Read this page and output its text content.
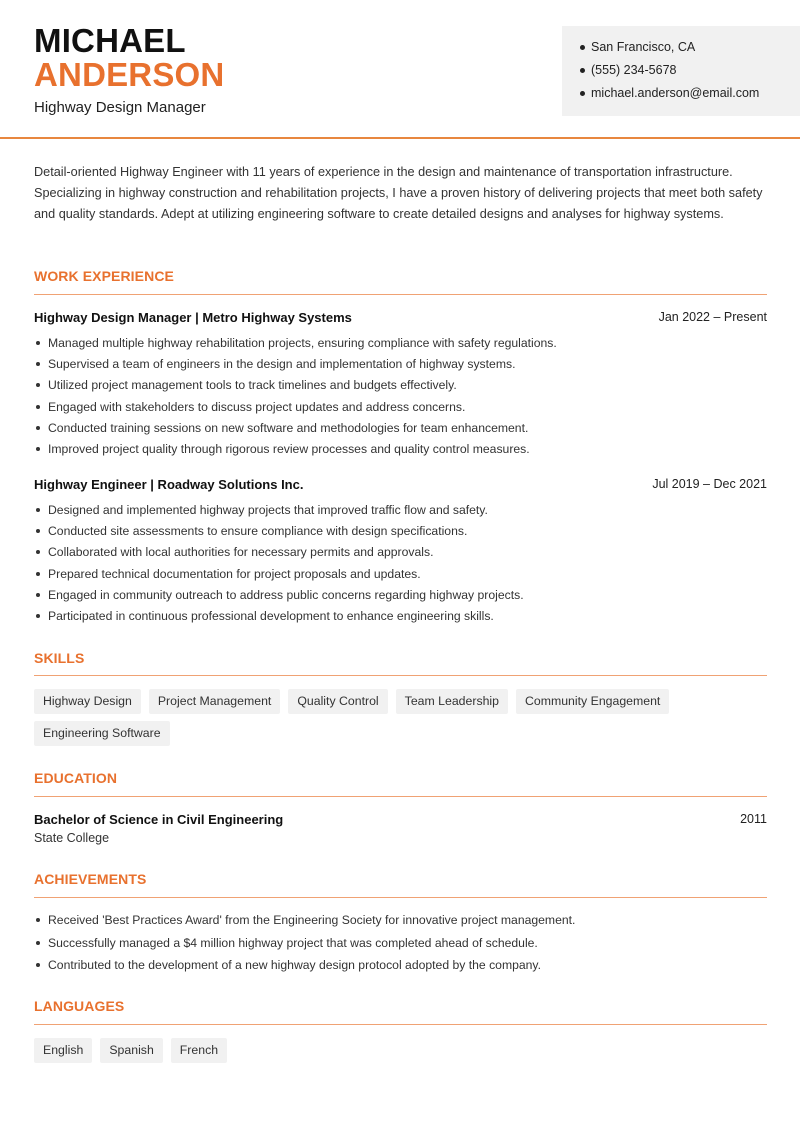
MICHAEL
ANDERSON
Highway Design Manager
San Francisco, CA
(555) 234-5678
michael.anderson@email.com
Detail-oriented Highway Engineer with 11 years of experience in the design and maintenance of transportation infrastructure. Specializing in highway construction and rehabilitation projects, I have a proven history of delivering projects that meet both safety and quality standards. Adept at utilizing engineering software to create detailed designs and analyses for highway systems.
WORK EXPERIENCE
Highway Design Manager | Metro Highway Systems	Jan 2022 – Present
Managed multiple highway rehabilitation projects, ensuring compliance with safety regulations.
Supervised a team of engineers in the design and implementation of highway systems.
Utilized project management tools to track timelines and budgets effectively.
Engaged with stakeholders to discuss project updates and address concerns.
Conducted training sessions on new software and methodologies for team enhancement.
Improved project quality through rigorous review processes and quality control measures.
Highway Engineer | Roadway Solutions Inc.	Jul 2019 – Dec 2021
Designed and implemented highway projects that improved traffic flow and safety.
Conducted site assessments to ensure compliance with design specifications.
Collaborated with local authorities for necessary permits and approvals.
Prepared technical documentation for project proposals and updates.
Engaged in community outreach to address public concerns regarding highway projects.
Participated in continuous professional development to enhance engineering skills.
SKILLS
Highway Design	Project Management	Quality Control	Team Leadership	Community Engagement
Engineering Software
EDUCATION
Bachelor of Science in Civil Engineering	2011
State College
ACHIEVEMENTS
Received 'Best Practices Award' from the Engineering Society for innovative project management.
Successfully managed a $4 million highway project that was completed ahead of schedule.
Contributed to the development of a new highway design protocol adopted by the company.
LANGUAGES
English	Spanish	French
